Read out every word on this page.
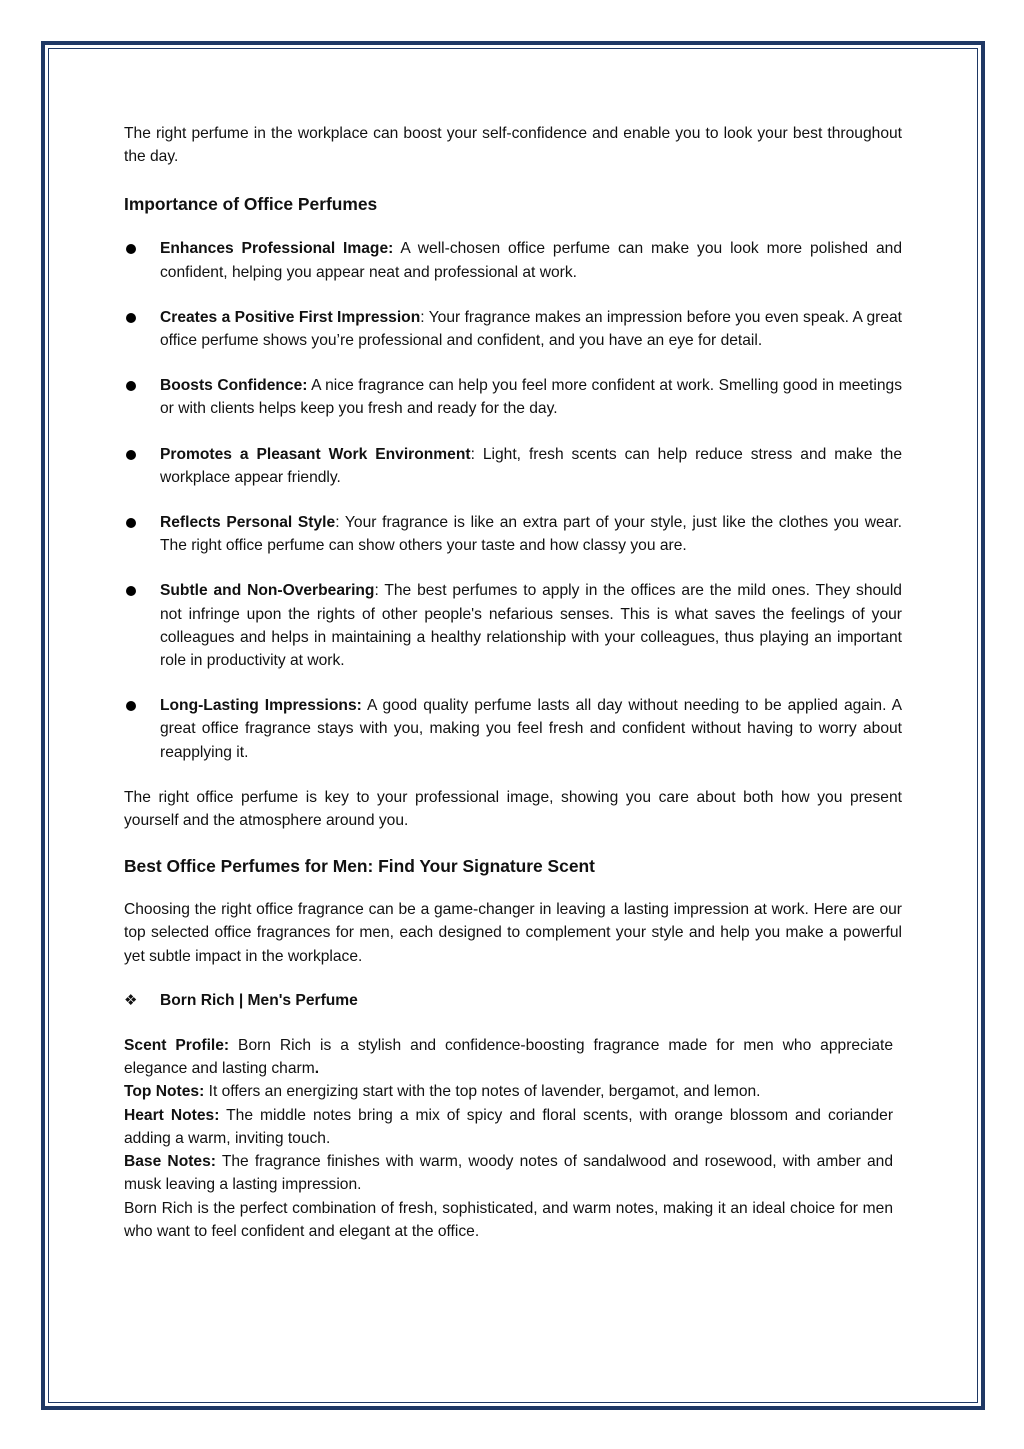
The right perfume in the workplace can boost your self-confidence and enable you to look your best throughout the day.

Importance of Office Perfumes
Enhances Professional Image: A well-chosen office perfume can make you look more polished and confident, helping you appear neat and professional at work.
Creates a Positive First Impression: Your fragrance makes an impression before you even speak. A great office perfume shows you’re professional and confident, and you have an eye for detail.
Boosts Confidence: A nice fragrance can help you feel more confident at work. Smelling good in meetings or with clients helps keep you fresh and ready for the day.
Promotes a Pleasant Work Environment: Light, fresh scents can help reduce stress and make the workplace appear friendly.
Reflects Personal Style: Your fragrance is like an extra part of your style, just like the clothes you wear. The right office perfume can show others your taste and how classy you are.
Subtle and Non-Overbearing: The best perfumes to apply in the offices are the mild ones. They should not infringe upon the rights of other people's nefarious senses. This is what saves the feelings of your colleagues and helps in maintaining a healthy relationship with your colleagues, thus playing an important role in productivity at work.
Long-Lasting Impressions: A good quality perfume lasts all day without needing to be applied again. A great office fragrance stays with you, making you feel fresh and confident without having to worry about reapplying it.

The right office perfume is key to your professional image, showing you care about both how you present yourself and the atmosphere around you.

Best Office Perfumes for Men: Find Your Signature Scent

Choosing the right office fragrance can be a game-changer in leaving a lasting impression at work. Here are our top selected office fragrances for men, each designed to complement your style and help you make a powerful yet subtle impact in the workplace.

❖ Born Rich | Men's Perfume

Scent Profile: Born Rich is a stylish and confidence-boosting fragrance made for men who appreciate elegance and lasting charm.

Top Notes: It offers an energizing start with the top notes of lavender, bergamot, and lemon.

Heart Notes: The middle notes bring a mix of spicy and floral scents, with orange blossom and coriander adding a warm, inviting touch.

Base Notes: The fragrance finishes with warm, woody notes of sandalwood and rosewood, with amber and musk leaving a lasting impression.

Born Rich is the perfect combination of fresh, sophisticated, and warm notes, making it an ideal choice for men who want to feel confident and elegant at the office.
